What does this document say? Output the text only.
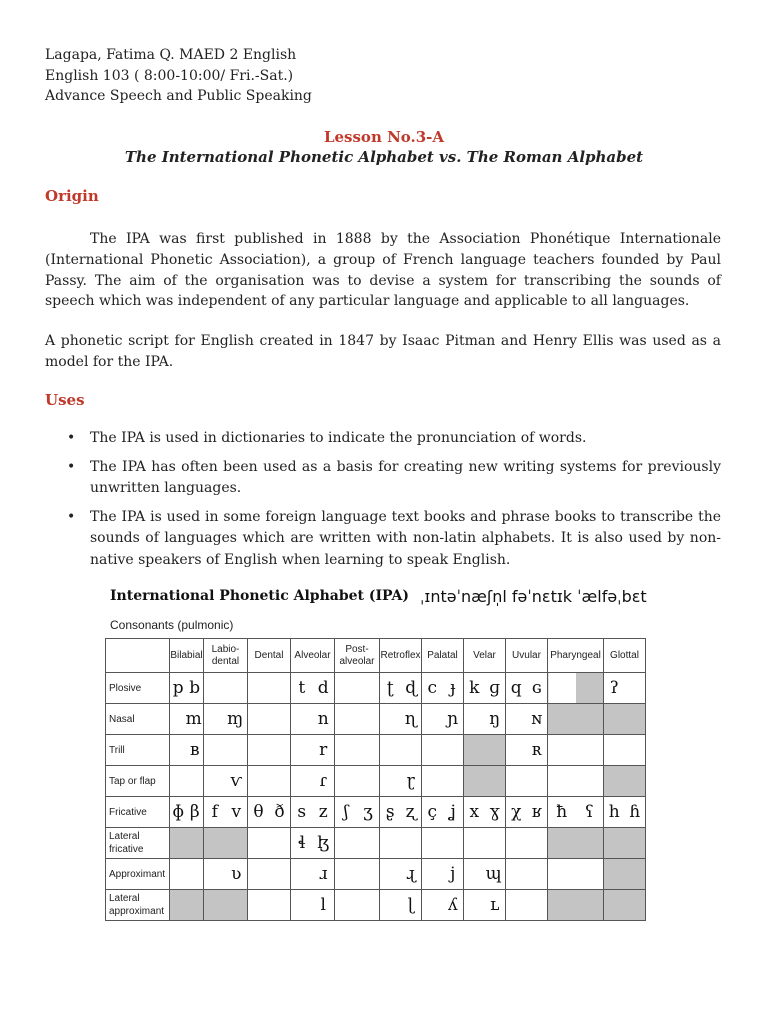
Lagapa, Fatima Q. MAED 2 English
English 103 ( 8:00-10:00/ Fri.-Sat.)
Advance Speech and Public Speaking
Lesson No.3-A
The International Phonetic Alphabet vs. The Roman Alphabet
Origin
The IPA was first published in 1888 by the Association Phonétique Internationale (International Phonetic Association), a group of French language teachers founded by Paul Passy. The aim of the organisation was to devise a system for transcribing the sounds of speech which was independent of any particular language and applicable to all languages.
A phonetic script for English created in 1847 by Isaac Pitman and Henry Ellis was used as a model for the IPA.
Uses
• The IPA is used in dictionaries to indicate the pronunciation of words.
• The IPA has often been used as a basis for creating new writing systems for previously unwritten languages.
• The IPA is used in some foreign language text books and phrase books to transcribe the sounds of languages which are written with non-latin alphabets. It is also used by non-native speakers of English when learning to speak English.
International Phonetic Alphabet (IPA) ˌɪntəˈnæʃn̩l fəˈnɛtɪk ˈælfəˌbɛt
Consonants (pulmonic)
	Bilabial	Labio-
dental	Dental	Alveolar	Post-
alveolar	Retroflex	Palatal	Velar	Uvular	Pharyngeal	Glottal
Plosive	p b			t d		ʈ ɖ	c ɟ	k ɡ	q ɢ		ʔ

Nasal	m	ɱ		n		ɳ	ɲ	ŋ	ɴ		

Trill	ʙ			r					ʀ		

Tap or flap		ⱱ		ɾ		ɽ					

Fricative	ɸ β	f v	θ ð	s z	ʃ ʒ	ʂ ʐ	ç ʝ	x ɣ	χ ʁ	ħ ʕ	h ɦ

Lateral
fricative				ɬ ɮ							

Approximant		ʋ		ɹ		ɻ	j	ɰ			

Lateral
approximant				l		ɭ	ʎ	ʟ			
